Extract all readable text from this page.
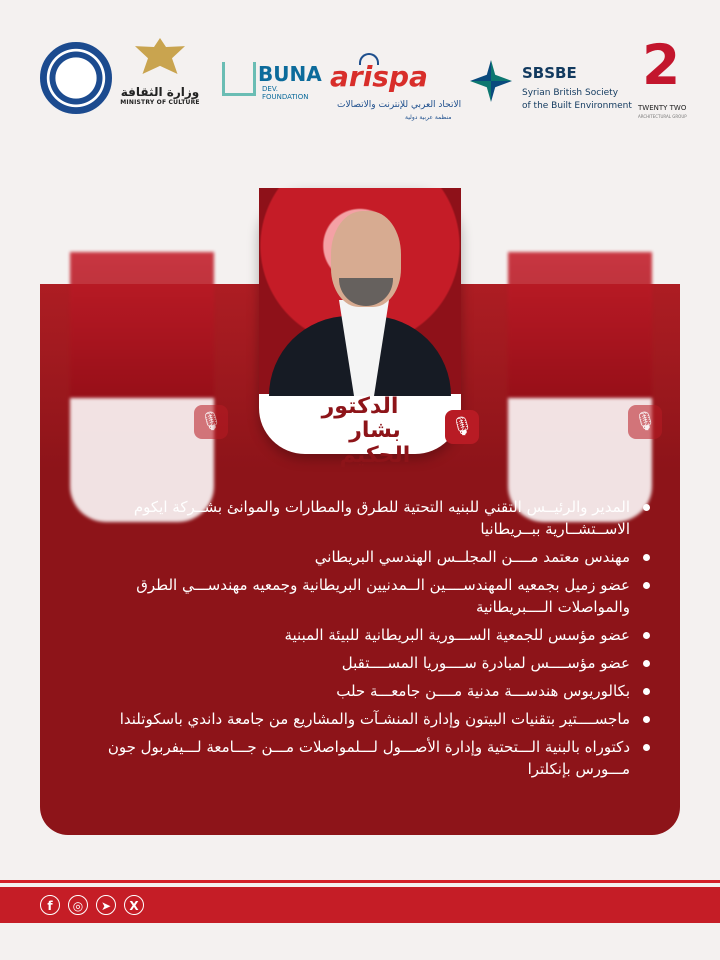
وزارة الثقافة
MINISTRY OF CULTURE
BUNA
DEV. FOUNDATION
arispa
الاتحاد العربي للإنترنت والاتصالات
منظمة عربية دولية
SBSBE
Syrian British Society
of the Built Environment
2
TWENTY TWO
ARCHITECTURAL GROUP
🎙	🎙
الدكتور
بشار الحكيم
🎙
المدير والرئيــس التقني للبنيه التحتية للطرق والمطارات والموانئ بشــركة ايكوم الاســتشــارية ببــريطانيا
مهندس معتمد مــــن المجلــس الهندسي البريطاني
عضو زميل بجمعيه المهندســــين الــمدنيين البريطانية وجمعيه مهندســـي الطرق والمواصلات الــــبريطانية
عضو مؤسس للجمعية الســـورية البريطانية للبيئة المبنية
عضو مؤســــس لمبادرة ســــوريا المســــتقبل
بكالوريوس هندســـة مدنية مــــن جامعـــة حلب
ماجســــتير بتقنيات البيتون وإدارة المنشـآت والمشاريع من جامعة داندي باسكوتلندا
دكتوراه بالبنية الـــتحتية وإدارة الأصـــول لـــلمواصلات مـــن جـــامعة لـــيفربول جون مـــورس بإنكلترا
f	◎	➤	X
